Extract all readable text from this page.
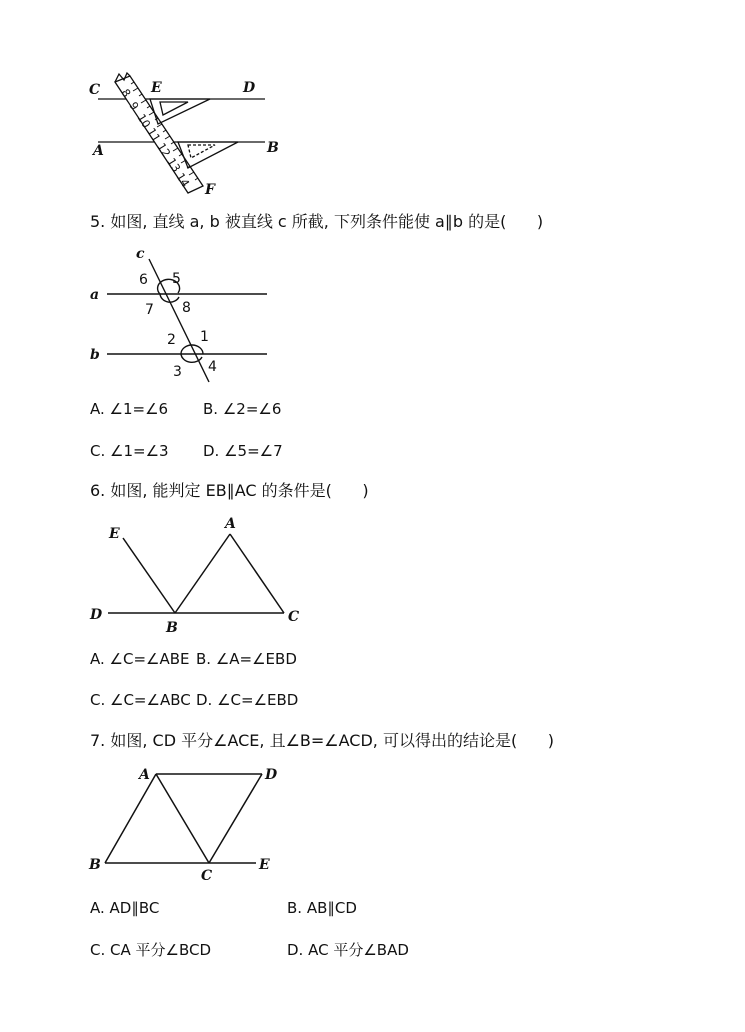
8
9
10
11
12
13
14
C	D
E
A	B
F
5. 如图, 直线 a, b 被直线 c 所截, 下列条件能使 a∥b 的是(      )
c
a
b
6 5
7 8
2 1
3 4
A. ∠1=∠6 B. ∠2=∠6
C. ∠1=∠3 D. ∠5=∠7
6. 如图, 能判定 EB∥AC 的条件是(      )
E
A
D
B
C
A. ∠C=∠ABE B. ∠A=∠EBD
C. ∠C=∠ABC D. ∠C=∠EBD
7. 如图, CD 平分∠ACE, 且∠B=∠ACD, 可以得出的结论是(      )
A	D
B
C
E
A. AD∥BC	B. AB∥CD
C. CA 平分∠BCD	D. AC 平分∠BAD
